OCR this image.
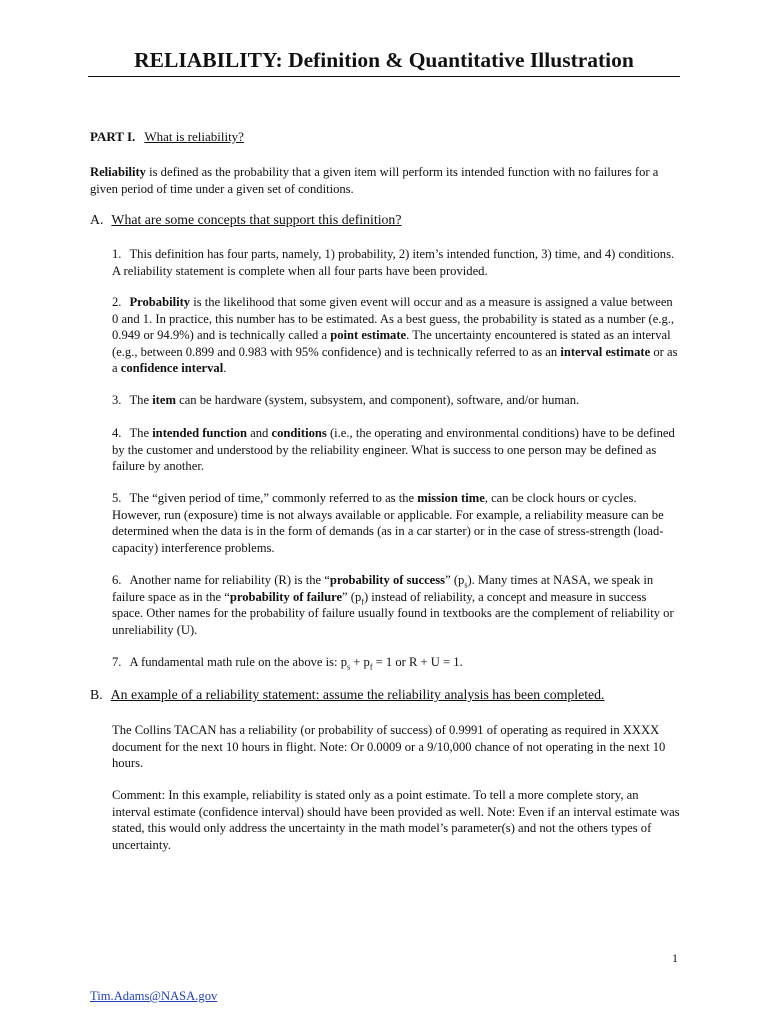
RELIABILITY: Definition & Quantitative Illustration

PART I. What is reliability?

Reliability is defined as the probability that a given item will perform its intended function with no failures for a given period of time under a given set of conditions.

A. What are some concepts that support this definition?

1. This definition has four parts, namely, 1) probability, 2) item’s intended function, 3) time, and 4) conditions. A reliability statement is complete when all four parts have been provided.

2. Probability is the likelihood that some given event will occur and as a measure is assigned a value between 0 and 1. In practice, this number has to be estimated. As a best guess, the probability is stated as a number (e.g., 0.949 or 94.9%) and is technically called a point estimate. The uncertainty encountered is stated as an interval (e.g., between 0.899 and 0.983 with 95% confidence) and is technically referred to as an interval estimate or as a confidence interval.

3. The item can be hardware (system, subsystem, and component), software, and/or human.

4. The intended function and conditions (i.e., the operating and environmental conditions) have to be defined by the customer and understood by the reliability engineer. What is success to one person may be defined as failure by another.

5. The “given period of time,” commonly referred to as the mission time, can be clock hours or cycles. However, run (exposure) time is not always available or applicable. For example, a reliability measure can be determined when the data is in the form of demands (as in a car starter) or in the case of stress-strength (load-capacity) interference problems.

6. Another name for reliability (R) is the “probability of success” $(p_s)$. Many times at NASA, we speak in failure space as in the “probability of failure” $(p_f)$ instead of reliability, a concept and measure in success space. Other names for the probability of failure usually found in textbooks are the complement of reliability or unreliability (U).

7. A fundamental math rule on the above is: $p_s + p_f = 1$ or R + U = 1.

B. An example of a reliability statement: assume the reliability analysis has been completed.

The Collins TACAN has a reliability (or probability of success) of 0.9991 of operating as required in XXXX document for the next 10 hours in flight. Note: Or 0.0009 or a 9/10,000 chance of not operating in the next 10 hours.

Comment: In this example, reliability is stated only as a point estimate. To tell a more complete story, an interval estimate (confidence interval) should have been provided as well. Note: Even if an interval estimate was stated, this would only address the uncertainty in the math model’s parameter(s) and not the others types of uncertainty.

1
Tim.Adams@NASA.gov
